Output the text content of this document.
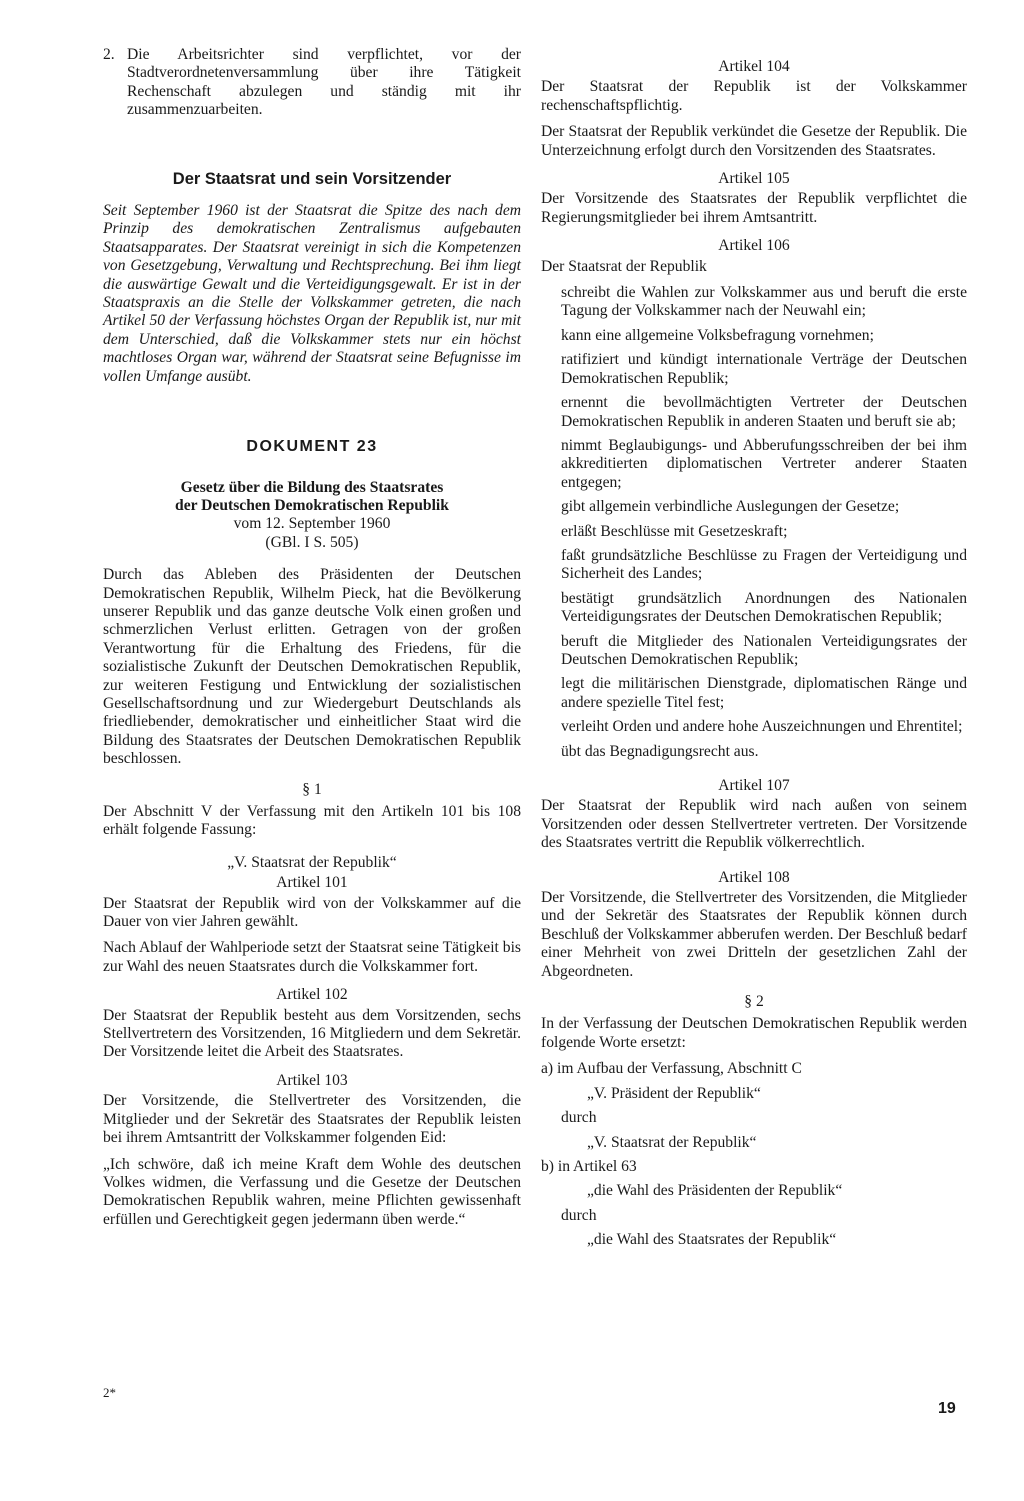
2. Die Arbeitsrichter sind verpflichtet, vor der Stadtverordnetenversammlung über ihre Tätigkeit Rechenschaft abzulegen und ständig mit ihr zusammenzuarbeiten.
Der Staatsrat und sein Vorsitzender

Seit September 1960 ist der Staatsrat die Spitze des nach dem Prinzip des demokratischen Zentralismus aufgebauten Staatsapparates. Der Staatsrat vereinigt in sich die Kompetenzen von Gesetzgebung, Verwaltung und Rechtsprechung. Bei ihm liegt die auswärtige Gewalt und die Verteidigungsgewalt. Er ist in der Staatspraxis an die Stelle der Volkskammer getreten, die nach Artikel 50 der Verfassung höchstes Organ der Republik ist, nur mit dem Unterschied, daß die Volkskammer stets nur ein höchst machtloses Organ war, während der Staatsrat seine Befugnisse im vollen Umfange ausübt.

DOKUMENT 23

Gesetz über die Bildung des Staatsrates

der Deutschen Demokratischen Republik

vom 12. September 1960

(GBl. I S. 505)

Durch das Ableben des Präsidenten der Deutschen Demokratischen Republik, Wilhelm Pieck, hat die Bevölkerung unserer Republik und das ganze deutsche Volk einen großen und schmerzlichen Verlust erlitten. Getragen von der großen Verantwortung für die Erhaltung des Friedens, für die sozialistische Zukunft der Deutschen Demokratischen Republik, zur weiteren Festigung und Entwicklung der sozialistischen Gesellschaftsordnung und zur Wiedergeburt Deutschlands als friedliebender, demokratischer und einheitlicher Staat wird die Bildung des Staatsrates der Deutschen Demokratischen Republik beschlossen.

§ 1

Der Abschnitt V der Verfassung mit den Artikeln 101 bis 108 erhält folgende Fassung:

„V. Staatsrat der Republik“
Artikel 101

Der Staatsrat der Republik wird von der Volkskammer auf die Dauer von vier Jahren gewählt.

Nach Ablauf der Wahlperiode setzt der Staatsrat seine Tätigkeit bis zur Wahl des neuen Staatsrates durch die Volkskammer fort.

Artikel 102

Der Staatsrat der Republik besteht aus dem Vorsitzenden, sechs Stellvertretern des Vorsitzenden, 16 Mitgliedern und dem Sekretär. Der Vorsitzende leitet die Arbeit des Staatsrates.

Artikel 103

Der Vorsitzende, die Stellvertreter des Vorsitzenden, die Mitglieder und der Sekretär des Staatsrates der Republik leisten bei ihrem Amtsantritt der Volkskammer folgenden Eid:

„Ich schwöre, daß ich meine Kraft dem Wohle des deutschen Volkes widmen, die Verfassung und die Gesetze der Deutschen Demokratischen Republik wahren, meine Pflichten gewissenhaft erfüllen und Gerechtigkeit gegen jedermann üben werde.“

Artikel 104

Der Staatsrat der Republik ist der Volkskammer rechenschaftspflichtig.

Der Staatsrat der Republik verkündet die Gesetze der Republik. Die Unterzeichnung erfolgt durch den Vorsitzenden des Staatsrates.

Artikel 105

Der Vorsitzende des Staatsrates der Republik verpflichtet die Regierungsmitglieder bei ihrem Amtsantritt.

Artikel 106

Der Staatsrat der Republik

schreibt die Wahlen zur Volkskammer aus und beruft die erste Tagung der Volkskammer nach der Neuwahl ein;

kann eine allgemeine Volksbefragung vornehmen;

ratifiziert und kündigt internationale Verträge der Deutschen Demokratischen Republik;

ernennt die bevollmächtigten Vertreter der Deutschen Demokratischen Republik in anderen Staaten und beruft sie ab;

nimmt Beglaubigungs- und Abberufungsschreiben der bei ihm akkreditierten diplomatischen Vertreter anderer Staaten entgegen;

gibt allgemein verbindliche Auslegungen der Gesetze;

erläßt Beschlüsse mit Gesetzeskraft;

faßt grundsätzliche Beschlüsse zu Fragen der Verteidigung und Sicherheit des Landes;

bestätigt grundsätzlich Anordnungen des Nationalen Verteidigungsrates der Deutschen Demokratischen Republik;

beruft die Mitglieder des Nationalen Verteidigungsrates der Deutschen Demokratischen Republik;

legt die militärischen Dienstgrade, diplomatischen Ränge und andere spezielle Titel fest;

verleiht Orden und andere hohe Auszeichnungen und Ehrentitel;

übt das Begnadigungsrecht aus.

Artikel 107

Der Staatsrat der Republik wird nach außen von seinem Vorsitzenden oder dessen Stellvertreter vertreten. Der Vorsitzende des Staatsrates vertritt die Republik völkerrechtlich.

Artikel 108

Der Vorsitzende, die Stellvertreter des Vorsitzenden, die Mitglieder und der Sekretär des Staatsrates der Republik können durch Beschluß der Volkskammer abberufen werden. Der Beschluß bedarf einer Mehrheit von zwei Dritteln der gesetzlichen Zahl der Abgeordneten.

§ 2

In der Verfassung der Deutschen Demokratischen Republik werden folgende Worte ersetzt:

a) im Aufbau der Verfassung, Abschnitt C

„V. Präsident der Republik“

durch

„V. Staatsrat der Republik“

b) in Artikel 63

„die Wahl des Präsidenten der Republik“

durch

„die Wahl des Staatsrates der Republik“

2*
19
